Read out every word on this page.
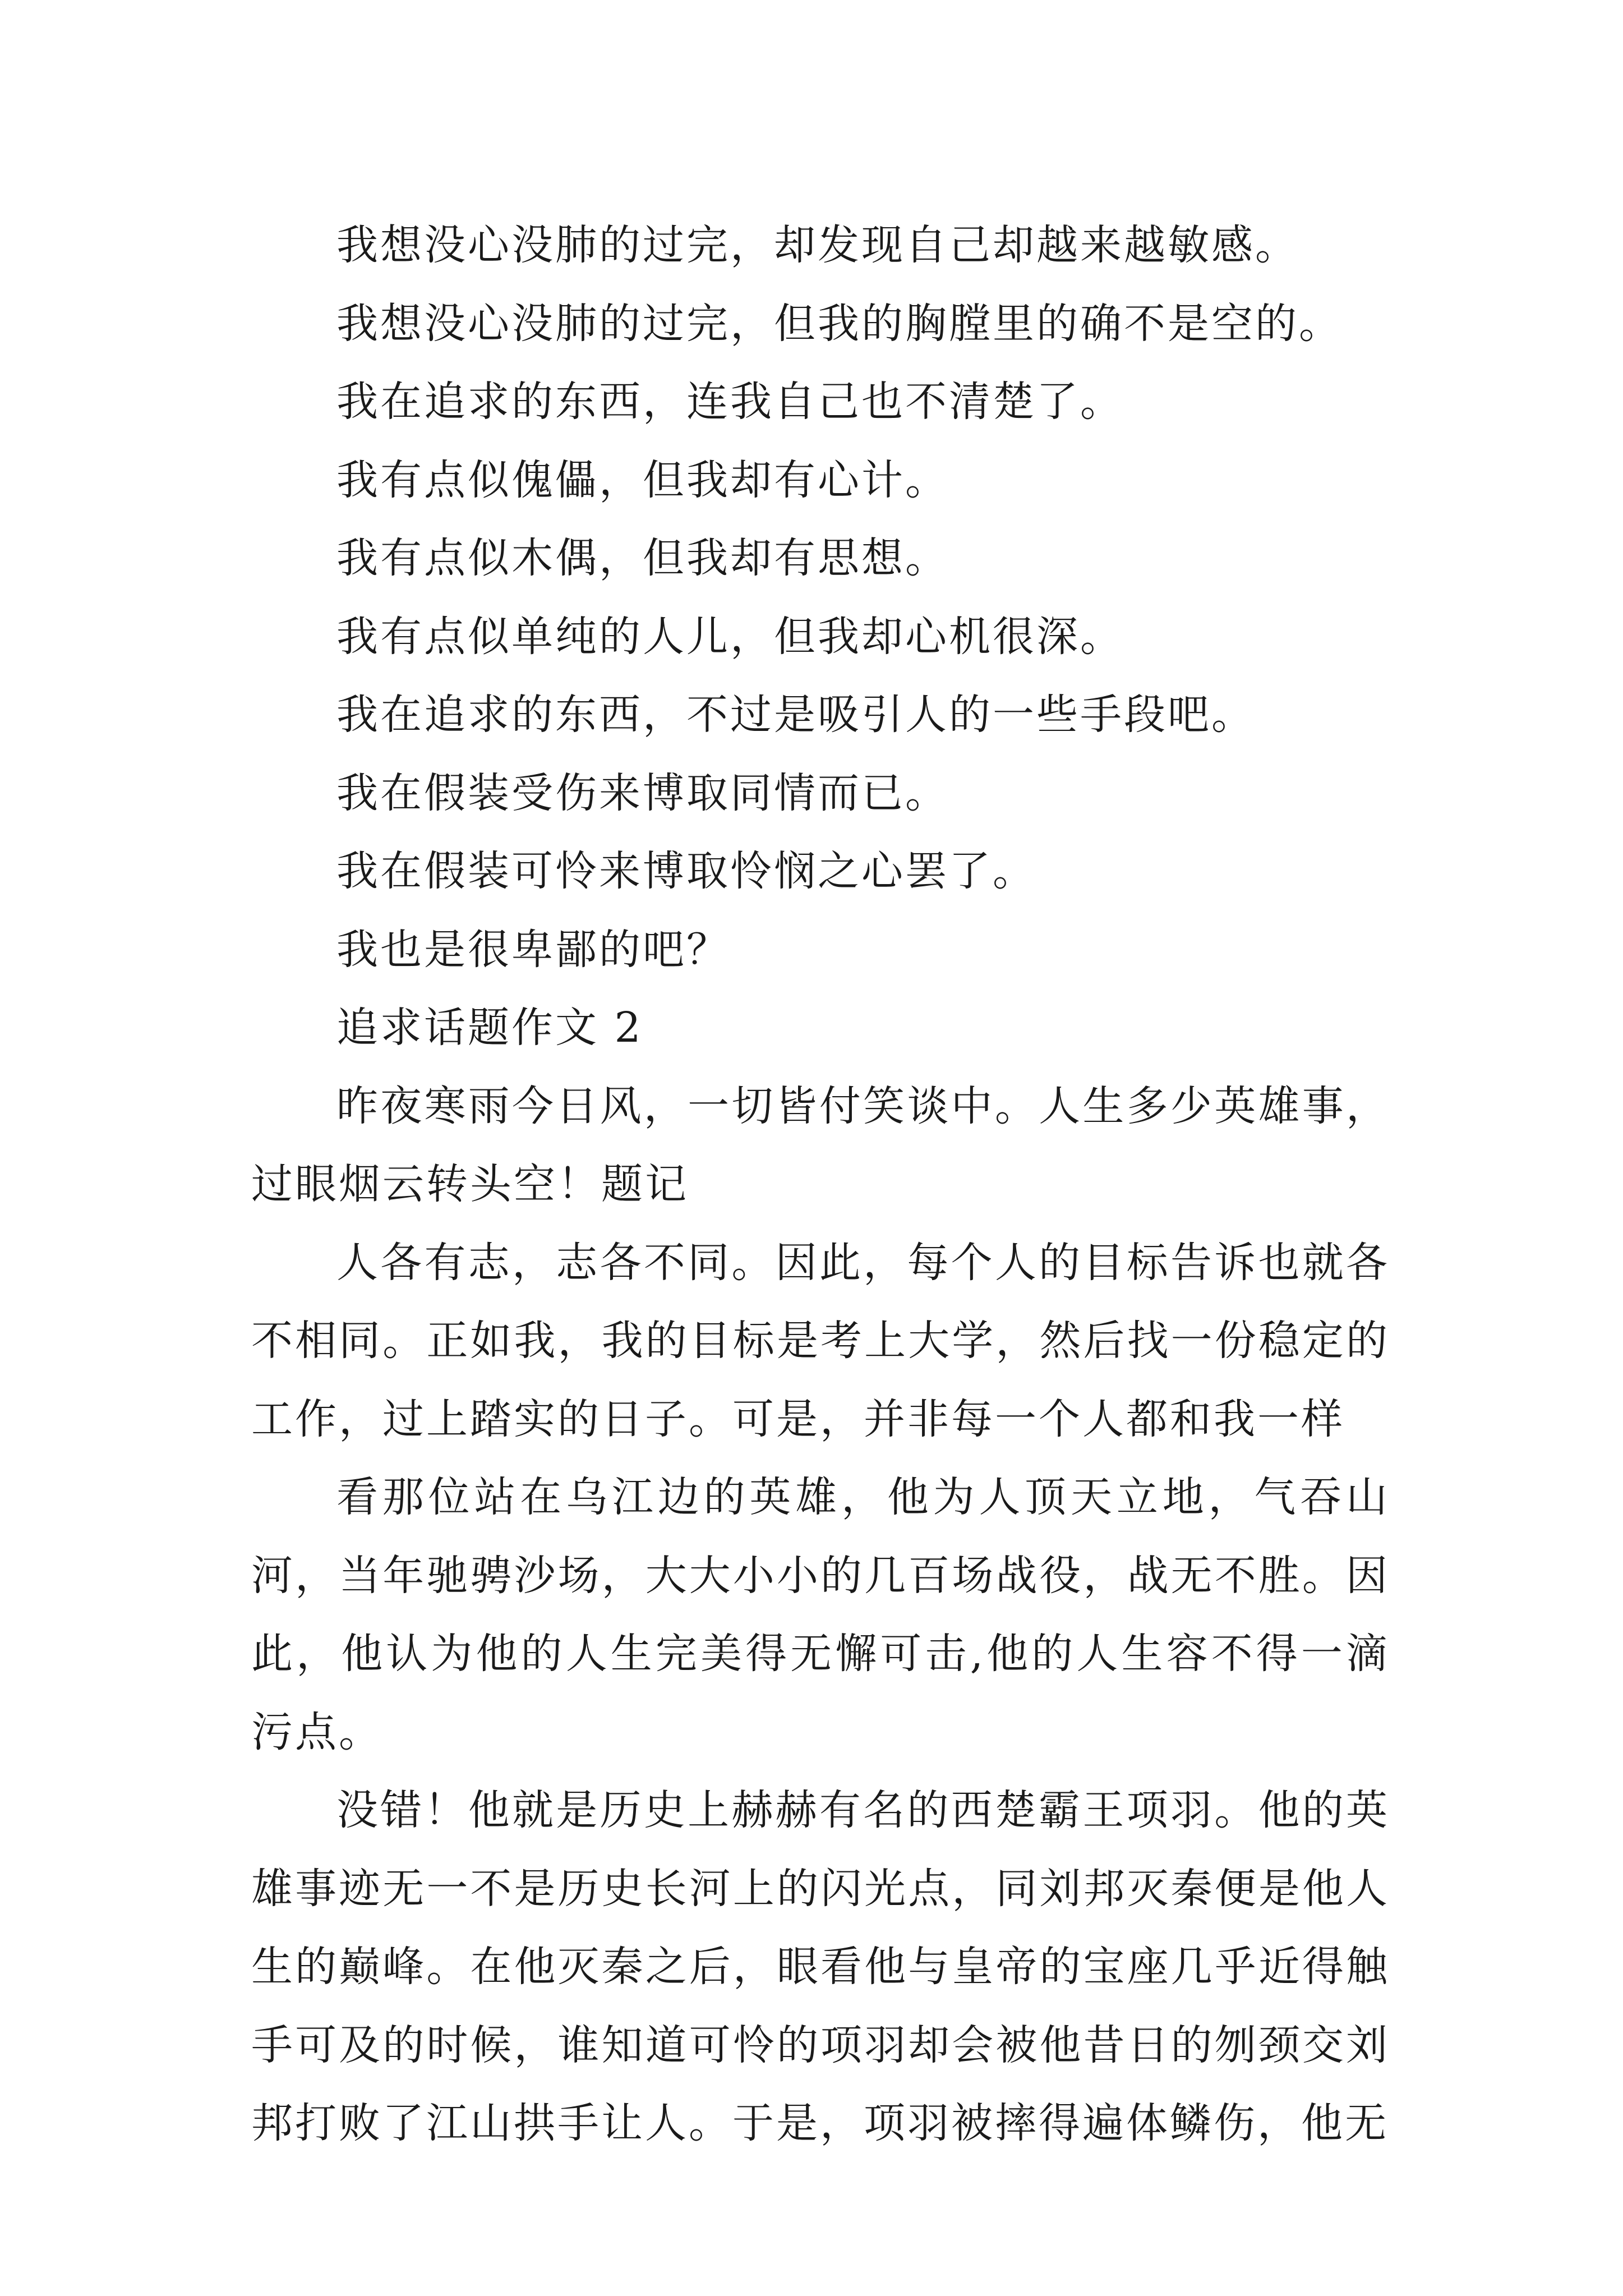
我想没心没肺的过完，却发现自己却越来越敏感。

我想没心没肺的过完，但我的胸膛里的确不是空的。

我在追求的东西，连我自己也不清楚了。

我有点似傀儡，但我却有心计。

我有点似木偶，但我却有思想。

我有点似单纯的人儿，但我却心机很深。

我在追求的东西，不过是吸引人的一些手段吧。

我在假装受伤来博取同情而已。

我在假装可怜来博取怜悯之心罢了。

我也是很卑鄙的吧？

追求话题作文 2

昨夜寒雨今日风，一切皆付笑谈中。人生多少英雄事，过眼烟云转头空！题记

人各有志，志各不同。因此，每个人的目标告诉也就各不相同。正如我，我的目标是考上大学，然后找一份稳定的工作，过上踏实的日子。可是，并非每一个人都和我一样

看那位站在乌江边的英雄，他为人顶天立地，气吞山河，当年驰骋沙场，大大小小的几百场战役，战无不胜。因此，他认为他的人生完美得无懈可击,他的人生容不得一滴污点。

没错！他就是历史上赫赫有名的西楚霸王项羽。他的英雄事迹无一不是历史长河上的闪光点，同刘邦灭秦便是他人生的巅峰。在他灭秦之后，眼看他与皇帝的宝座几乎近得触手可及的时候，谁知道可怜的项羽却会被他昔日的刎颈交刘邦打败了江山拱手让人。于是，项羽被摔得遍体鳞伤，他无
